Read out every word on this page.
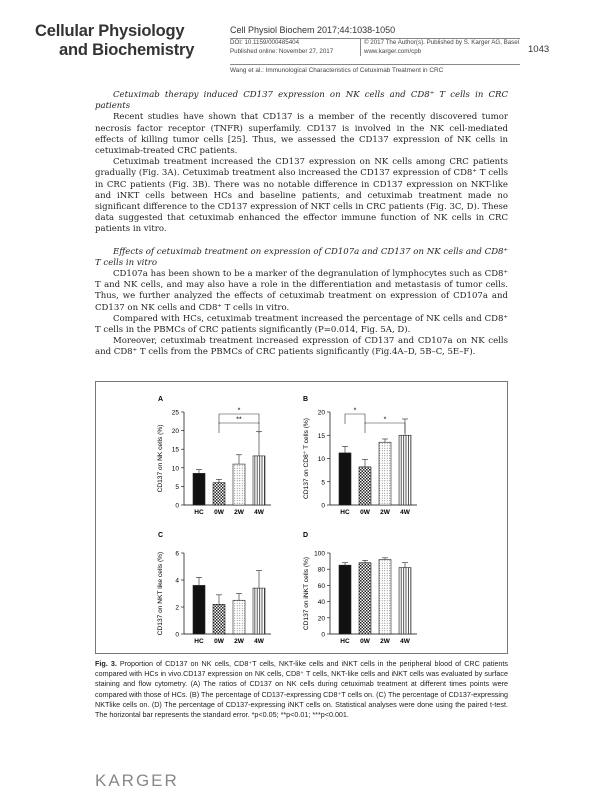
Cellular Physiology

and Biochemistry
Cell Physiol Biochem 2017;44:1038-1050
DOI: 10.1159/000485404	© 2017 The Author(s). Published by S. Karger AG, Basel
Published online: November 27, 2017	www.karger.com/cpb	1043
Wang et al.: Immunological Characteristics of Cetuximab Treatment in CRC

Cetuximab therapy induced CD137 expression on NK cells and CD8⁺ T cells in CRC patients

Recent studies have shown that CD137 is a member of the recently discovered tumor necrosis factor receptor (TNFR) superfamily. CD137 is involved in the NK cell-mediated effects of killing tumor cells [25]. Thus, we assessed the CD137 expression of NK cells in cetuximab-treated CRC patients.

Cetuximab treatment increased the CD137 expression on NK cells among CRC patients gradually (Fig. 3A). Cetuximab treatment also increased the CD137 expression of CD8⁺ T cells in CRC patients (Fig. 3B). There was no notable difference in CD137 expression on NKT-like and iNKT cells between HCs and baseline patients, and cetuximab treatment made no significant difference to the CD137 expression of NKT cells in CRC patients (Fig. 3C, D). These data suggested that cetuximab enhanced the effector immune function of NK cells in CRC patients in vitro.

Effects of cetuximab treatment on expression of CD107a and CD137 on NK cells and CD8⁺ T cells in vitro

CD107a has been shown to be a marker of the degranulation of lymphocytes such as CD8⁺ T and NK cells, and may also have a role in the differentiation and metastasis of tumor cells. Thus, we further analyzed the effects of cetuximab treatment on expression of CD107a and CD137 on NK cells and CD8⁺ T cells in vitro.

Compared with HCs, cetuximab treatment increased the percentage of NK cells and CD8⁺ T cells in the PBMCs of CRC patients significantly (P=0.014, Fig. 5A, D).

Moreover, cetuximab treatment increased expression of CD137 and CD107a on NK cells and CD8⁺ T cells from the PBMCs of CRC patients significantly (Fig.4A–D, 5B–C, 5E–F).

A
0
5
10
15
20
25
CD137 on NK cells (%)
HC 0W 2W 4W
*
**
B
0
5
10
15
20
CD137 on CD8⁺ T cells (%)
HC 0W 2W 4W
*
*
C
0
2
4
6
CD137 on NKT like cells (%)
HC 0W 2W 4W
D
0
20
40
60
80
100
CD137 on iNKT cells (%)
HC 0W 2W 4W
Fig. 3. Proportion of CD137 on NK cells, CD8⁺T cells, NKT-like cells and iNKT cells in the peripheral blood of CRC patients compared with HCs in vivo.CD137 expression on NK cells, CD8⁺ T cells, NKT-like cells and iNKT cells was evaluated by surface staining and flow cytometry. (A) The ratios of CD137 on NK cells during cetuximab treatment at different times points were compared with those of HCs. (B) The percentage of CD137-expressing CD8⁺T cells on. (C) The percentage of CD137-expressing NKTlike cells on. (D) The percentage of CD137-expressing iNKT cells on. Statistical analyses were done using the paired t-test. The horizontal bar represents the standard error. *p<0.05; **p<0.01; ***p<0.001.
KARGER
